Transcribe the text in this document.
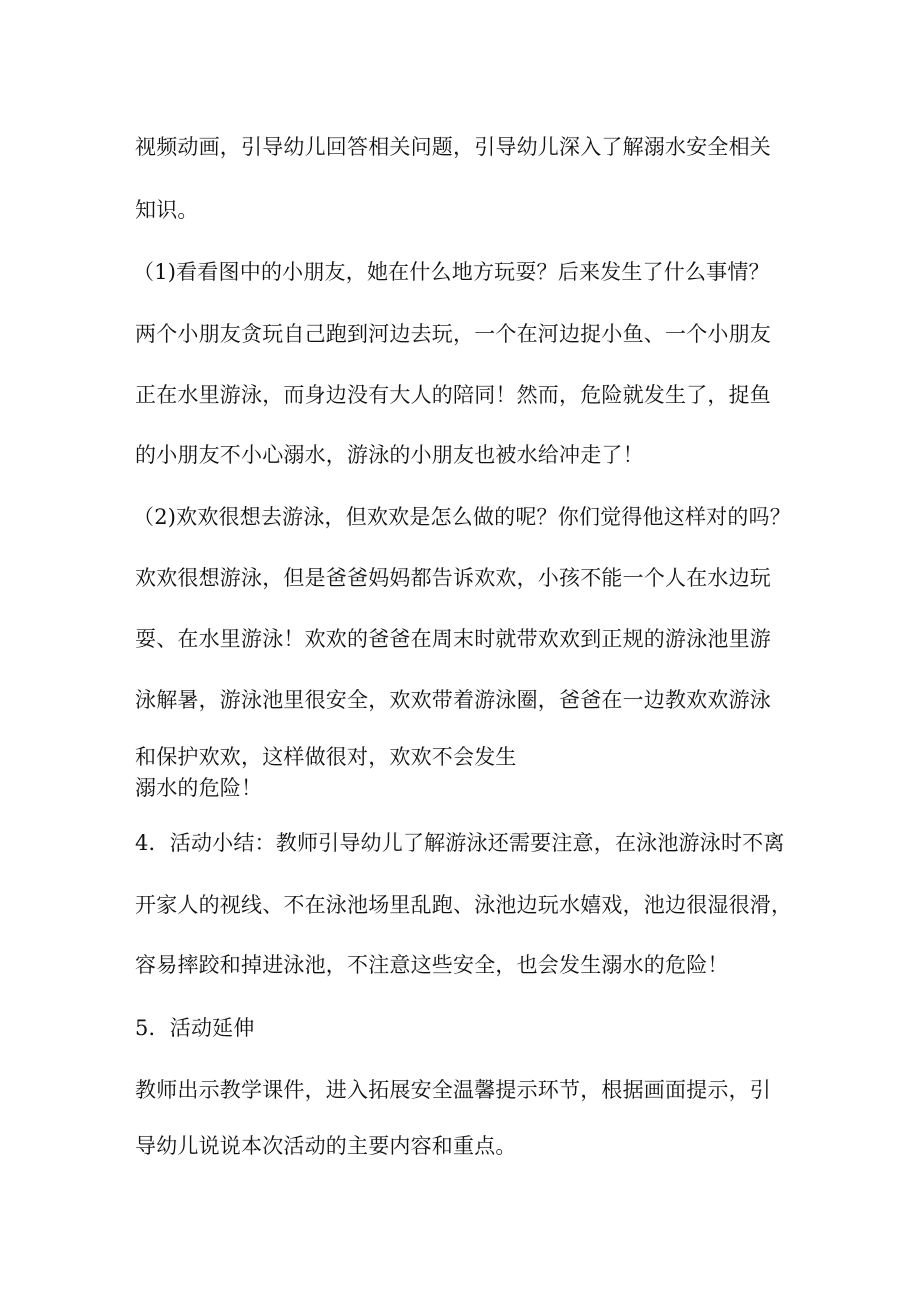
视频动画，引导幼儿回答相关问题，引导幼儿深入了解溺水安全相关
知识。
（1)看看图中的小朋友，她在什么地方玩耍？后来发生了什么事情？
两个小朋友贪玩自己跑到河边去玩，一个在河边捉小鱼、一个小朋友
正在水里游泳，而身边没有大人的陪同！然而，危险就发生了，捉鱼
的小朋友不小心溺水，游泳的小朋友也被水给冲走了！
（2)欢欢很想去游泳，但欢欢是怎么做的呢？你们觉得他这样对的吗？
欢欢很想游泳，但是爸爸妈妈都告诉欢欢，小孩不能一个人在水边玩
耍、在水里游泳！欢欢的爸爸在周末时就带欢欢到正规的游泳池里游
泳解暑，游泳池里很安全，欢欢带着游泳圈，爸爸在一边教欢欢游泳
和保护欢欢，这样做很对，欢欢不会发生
溺水的危险！
4．活动小结：教师引导幼儿了解游泳还需要注意，在泳池游泳时不离
开家人的视线、不在泳池场里乱跑、泳池边玩水嬉戏，池边很湿很滑，
容易摔跤和掉进泳池，不注意这些安全，也会发生溺水的危险！
5．活动延伸
教师出示教学课件，进入拓展安全温馨提示环节，根据画面提示，引
导幼儿说说本次活动的主要内容和重点。
